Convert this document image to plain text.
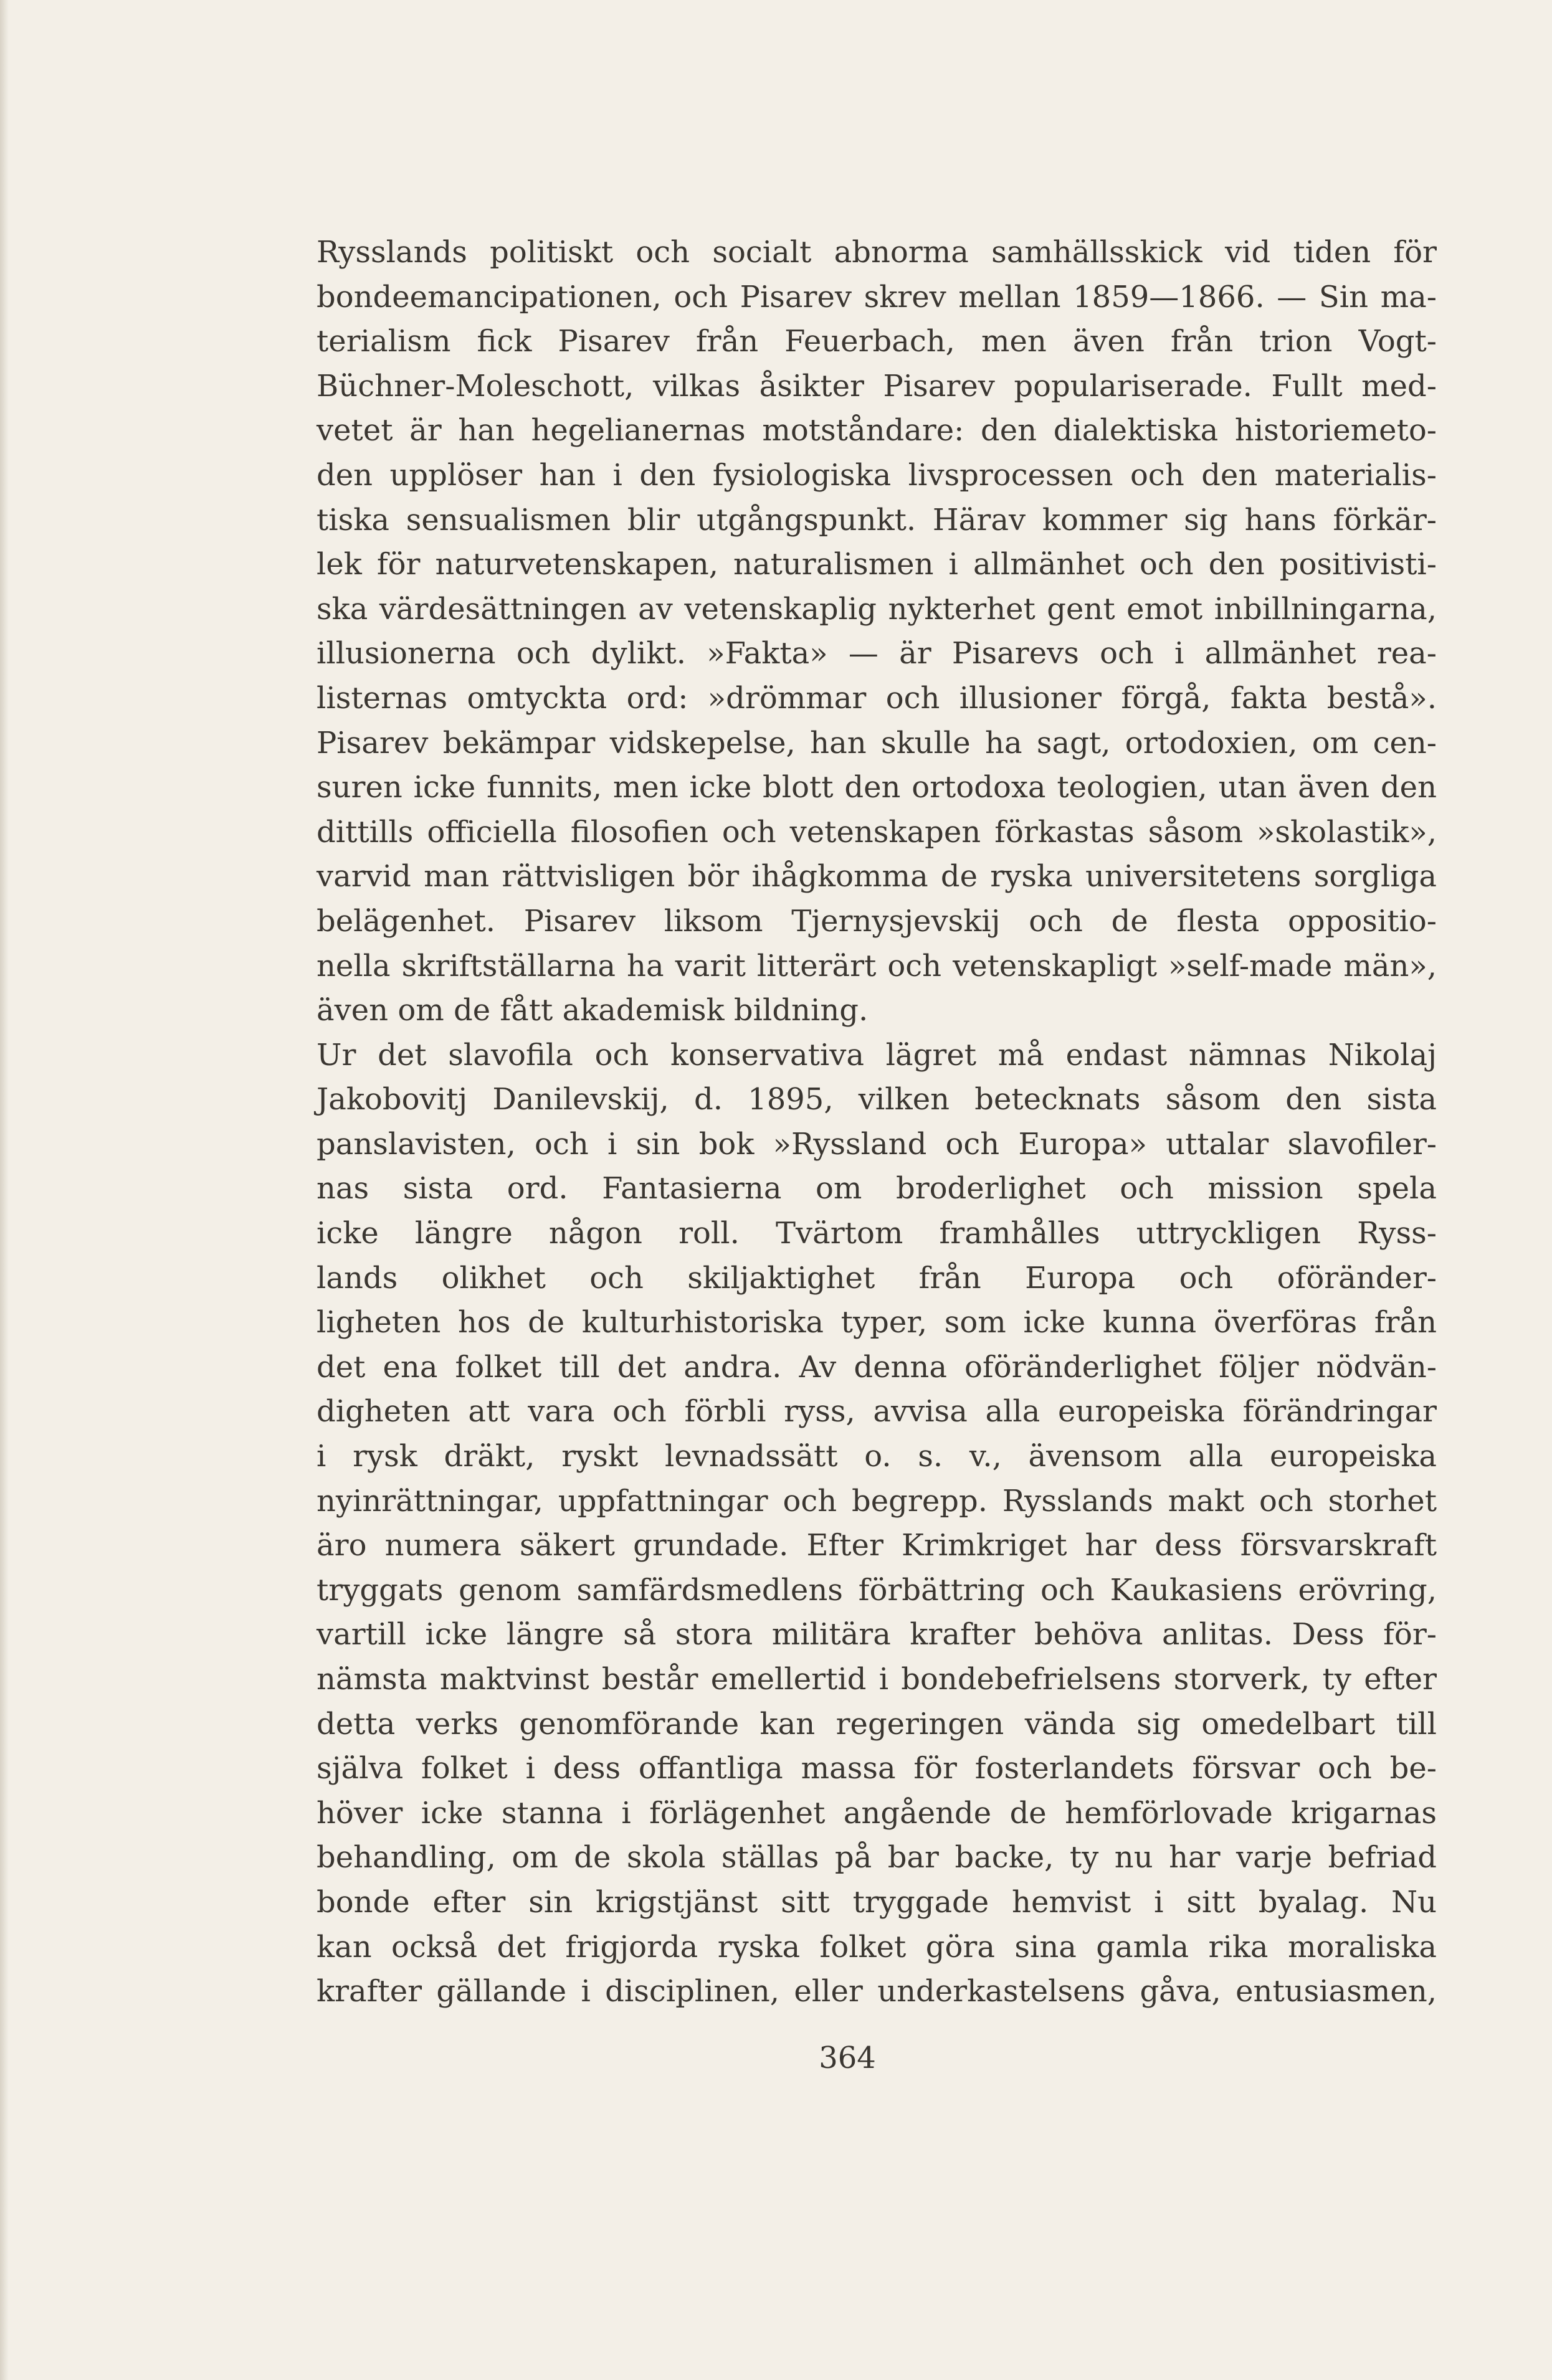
Rysslands politiskt och socialt abnorma samhällsskick vid tiden för
bondeemancipationen, och Pisarev skrev mellan 1859—1866. — Sin ma-
terialism fick Pisarev från Feuerbach, men även från trion Vogt-
Büchner-Moleschott, vilkas åsikter Pisarev populariserade. Fullt med-
vetet är han hegelianernas motståndare: den dialektiska historiemeto-
den upplöser han i den fysiologiska livsprocessen och den materialis-
tiska sensualismen blir utgångspunkt. Härav kommer sig hans förkär-
lek för naturvetenskapen, naturalismen i allmänhet och den positivisti-
ska värdesättningen av vetenskaplig nykterhet gent emot inbillningarna,
illusionerna och dylikt. »Fakta» — är Pisarevs och i allmänhet rea-
listernas omtyckta ord: »drömmar och illusioner förgå, fakta bestå».
Pisarev bekämpar vidskepelse, han skulle ha sagt, ortodoxien, om cen-
suren icke funnits, men icke blott den ortodoxa teologien, utan även den
dittills officiella filosofien och vetenskapen förkastas såsom »skolastik»,
varvid man rättvisligen bör ihågkomma de ryska universitetens sorgliga
belägenhet. Pisarev liksom Tjernysjevskij och de flesta oppositio-
nella skriftställarna ha varit litterärt och vetenskapligt »self-made män»,
även om de fått akademisk bildning.
Ur det slavofila och konservativa lägret må endast nämnas Nikolaj
Jakobovitj Danilevskij, d. 1895, vilken betecknats såsom den sista
panslavisten, och i sin bok »Ryssland och Europa» uttalar slavofiler-
nas sista ord. Fantasierna om broderlighet och mission spela
icke längre någon roll. Tvärtom framhålles uttryckligen Ryss-
lands olikhet och skiljaktighet från Europa och oföränder-
ligheten hos de kulturhistoriska typer, som icke kunna överföras från
det ena folket till det andra. Av denna oföränderlighet följer nödvän-
digheten att vara och förbli ryss, avvisa alla europeiska förändringar
i rysk dräkt, ryskt levnadssätt o. s. v., ävensom alla europeiska
nyinrättningar, uppfattningar och begrepp. Rysslands makt och storhet
äro numera säkert grundade. Efter Krimkriget har dess försvarskraft
tryggats genom samfärdsmedlens förbättring och Kaukasiens erövring,
vartill icke längre så stora militära krafter behöva anlitas. Dess för-
nämsta maktvinst består emellertid i bondebefrielsens storverk, ty efter
detta verks genomförande kan regeringen vända sig omedelbart till
själva folket i dess offantliga massa för fosterlandets försvar och be-
höver icke stanna i förlägenhet angående de hemförlovade krigarnas
behandling, om de skola ställas på bar backe, ty nu har varje befriad
bonde efter sin krigstjänst sitt tryggade hemvist i sitt byalag. Nu
kan också det frigjorda ryska folket göra sina gamla rika moraliska
krafter gällande i disciplinen, eller underkastelsens gåva, entusiasmen,
364
